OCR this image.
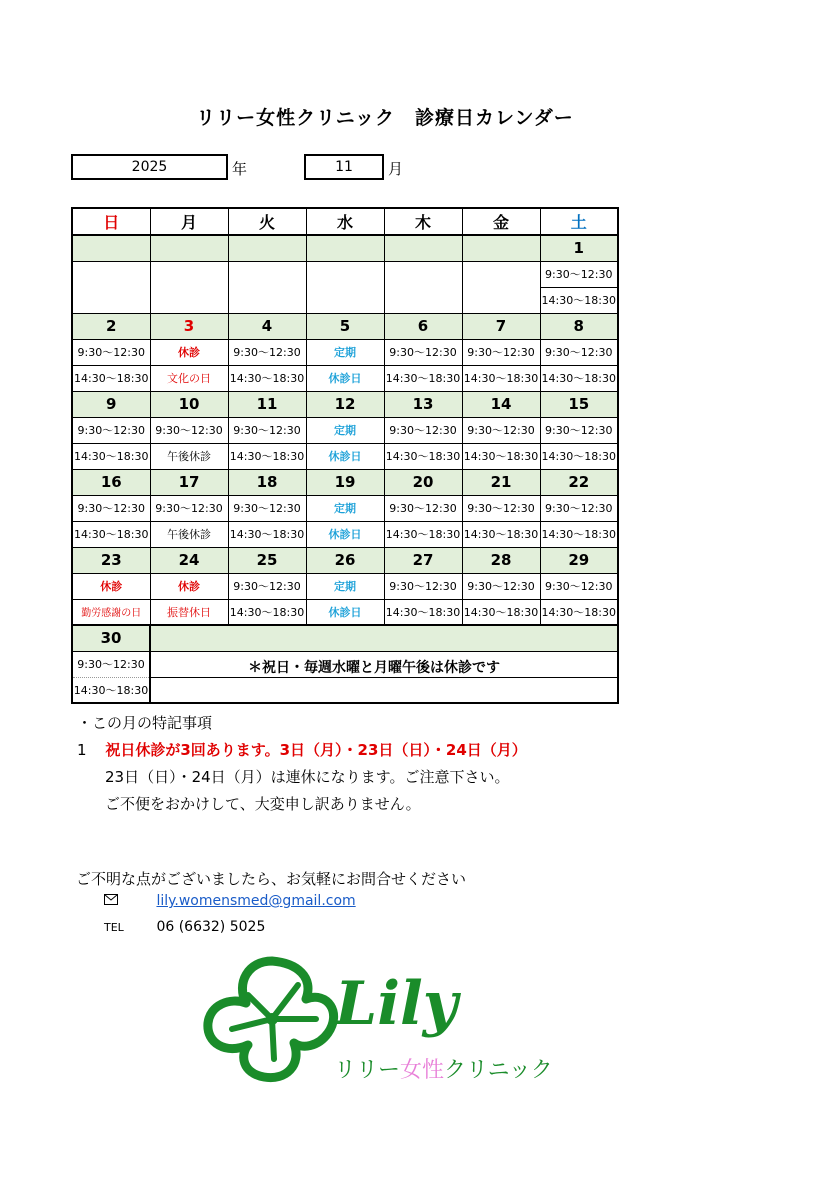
リリー女性クリニック　診療日カレンダー
2025	年	11	月
日	月	火	水	木	金	土
						1
						9:30〜12:30
						14:30〜18:30
2	3	4	5	6	7	8
9:30〜12:30	休診	9:30〜12:30	定期	9:30〜12:30	9:30〜12:30	9:30〜12:30
14:30〜18:30	文化の日	14:30〜18:30	休診日	14:30〜18:30	14:30〜18:30	14:30〜18:30
9	10	11	12	13	14	15
9:30〜12:30	9:30〜12:30	9:30〜12:30	定期	9:30〜12:30	9:30〜12:30	9:30〜12:30
14:30〜18:30	午後休診	14:30〜18:30	休診日	14:30〜18:30	14:30〜18:30	14:30〜18:30
16	17	18	19	20	21	22
9:30〜12:30	9:30〜12:30	9:30〜12:30	定期	9:30〜12:30	9:30〜12:30	9:30〜12:30
14:30〜18:30	午後休診	14:30〜18:30	休診日	14:30〜18:30	14:30〜18:30	14:30〜18:30
23	24	25	26	27	28	29
休診	休診	9:30〜12:30	定期	9:30〜12:30	9:30〜12:30	9:30〜12:30
勤労感謝の日	振替休日	14:30〜18:30	休診日	14:30〜18:30	14:30〜18:30	14:30〜18:30
30						
9:30〜12:30						
14:30〜18:30						
＊祝日・毎週水曜と月曜午後は休診です
・この月の特記事項
1 祝日休診が3回あります。3日（月）・23日（日）・24日（月）
23日（日）・24日（月）は連休になります。ご注意下さい。
ご不便をおかけして、大変申し訳ありません。
ご不明な点がございましたら、お気軽にお問合せください
lily.womensmed@gmail.com
TEL 06 (6632) 5025
Lily
リリー女性クリニック
